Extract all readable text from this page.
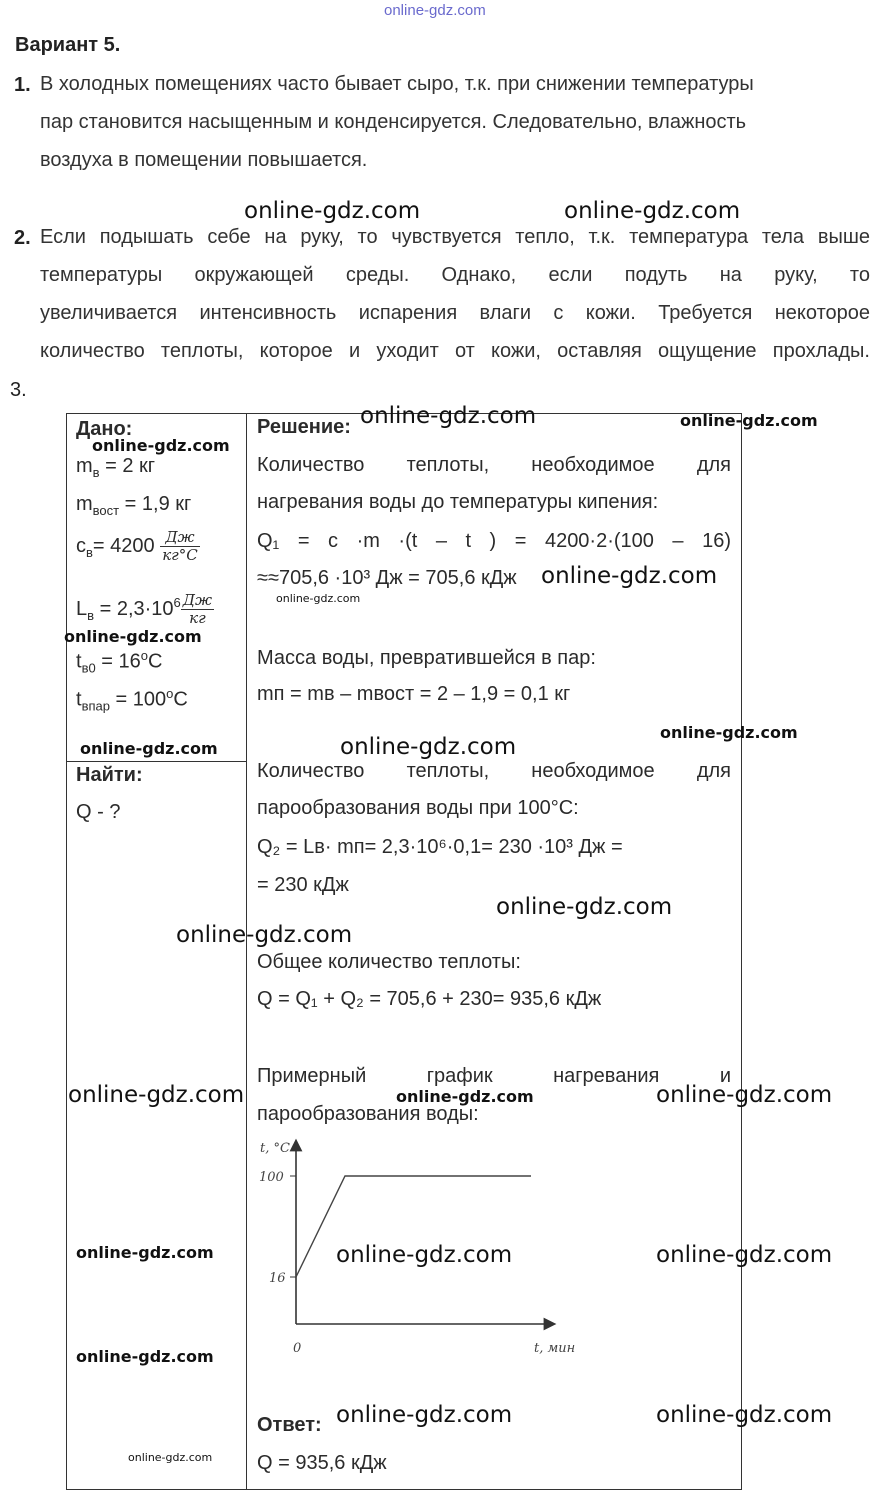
online-gdz.com
Вариант 5.
1. В холодных помещениях часто бывает сыро, т.к. при снижении температуры
пар становится насыщенным и конденсируется. Следовательно, влажность
воздуха в помещении повышается.
2. Если подышать себе на руку, то чувствуется тепло, т.к. температура тела выше
температуры окружающей среды. Однако, если подуть на руку, то
увеличивается интенсивность испарения влаги с кожи. Требуется некоторое
количество теплоты, которое и уходит от кожи, оставляя ощущение прохлады.
3.

Дано:
$m_в = 2$ кг
$m_{вост} = 1,9$ кг
$с_в= 4200 \frac{Дж}{кг^\circ C}$
$L_в = 2,3\cdot 10^6 \frac{Дж}{кг}$
$t_{в0} = 16^oC$
$t_{впар} = 100^oC$
Найти:
Q - ?
Решение:
Количество теплоты, необходимое для
нагревания воды до температуры кипения:
Q₁ = с ·m ·(t – t ) = 4200·2·(100 – 16)
≈≈705,6 ·10³ Дж = 705,6 кДж
Масса воды, превратившейся в пар:
mп = mв – mвост = 2 – 1,9 = 0,1 кг
Количество теплоты, необходимое для
парообразования воды при 100°C:
Q₂ = Lв· mп= 2,3·10⁶·0,1= 230 ·10³ Дж =
= 230 кДж
Общее количество теплоты:
Q = Q₁ + Q₂ = 705,6 + 230= 935,6 кДж
Примерный график нагревания и
парообразования воды:
t, °C
100
16
0	t, мин
Ответ:
Q = 935,6 кДж
online-gdz.com	online-gdz.com
online-gdz.com	online-gdz.com
online-gdz.com
online-gdz.com
online-gdz.com
online-gdz.com
online-gdz.com
online-gdz.com
online-gdz.com
online-gdz.com
online-gdz.com
online-gdz.com	online-gdz.com	online-gdz.com
online-gdz.com	online-gdz.com	online-gdz.com
online-gdz.com
online-gdz.com	online-gdz.com
online-gdz.com
